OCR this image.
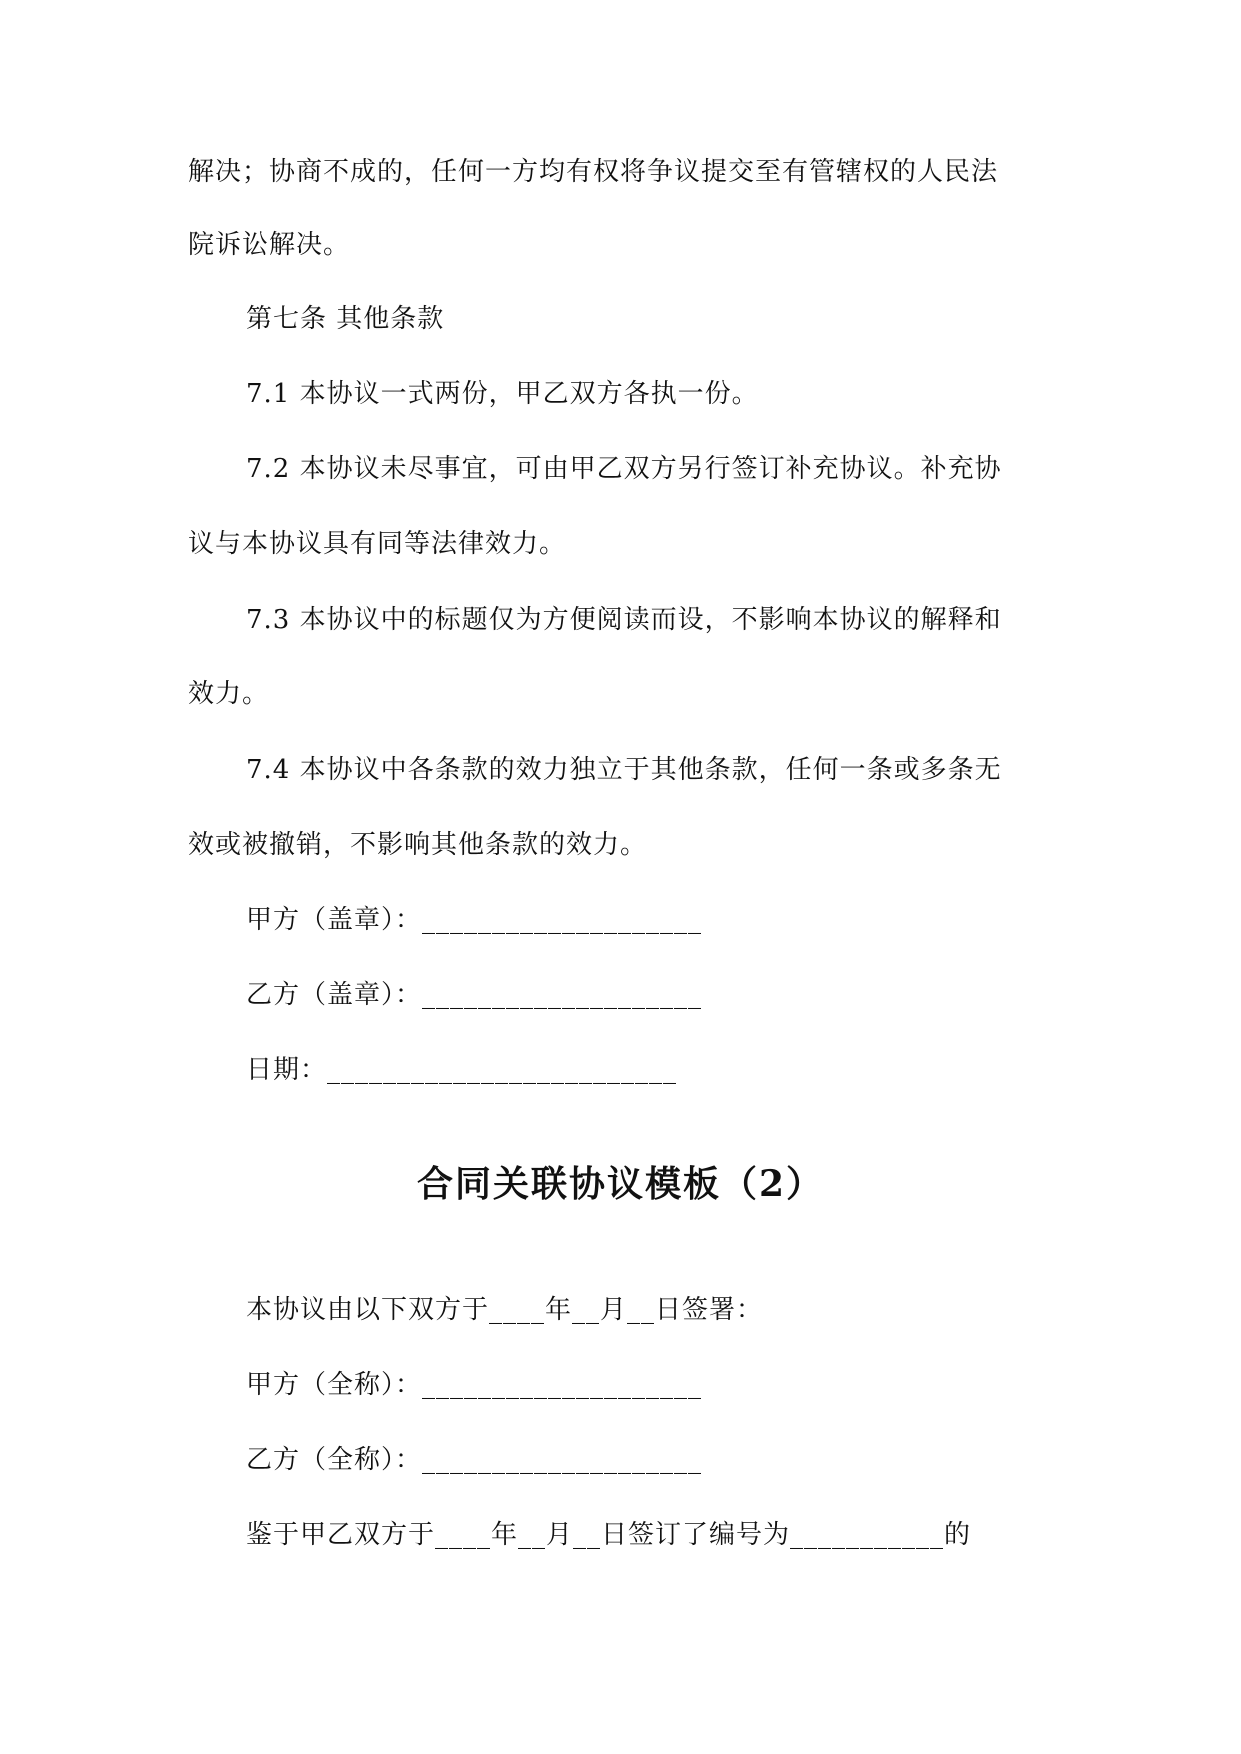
解决；协商不成的，任何一方均有权将争议提交至有管辖权的人民法
院诉讼解决。
第七条 其他条款
7.1 本协议一式两份，甲乙双方各执一份。
7.2 本协议未尽事宜，可由甲乙双方另行签订补充协议。补充协
议与本协议具有同等法律效力。
7.3 本协议中的标题仅为方便阅读而设，不影响本协议的解释和
效力。
7.4 本协议中各条款的效力独立于其他条款，任何一条或多条无
效或被撤销，不影响其他条款的效力。
甲方（盖章）：____________________
乙方（盖章）：____________________
日期：_________________________
合同关联协议模板（2）
本协议由以下双方于____年__月__日签署：
甲方（全称）：____________________
乙方（全称）：____________________
鉴于甲乙双方于____年__月__日签订了编号为___________的
